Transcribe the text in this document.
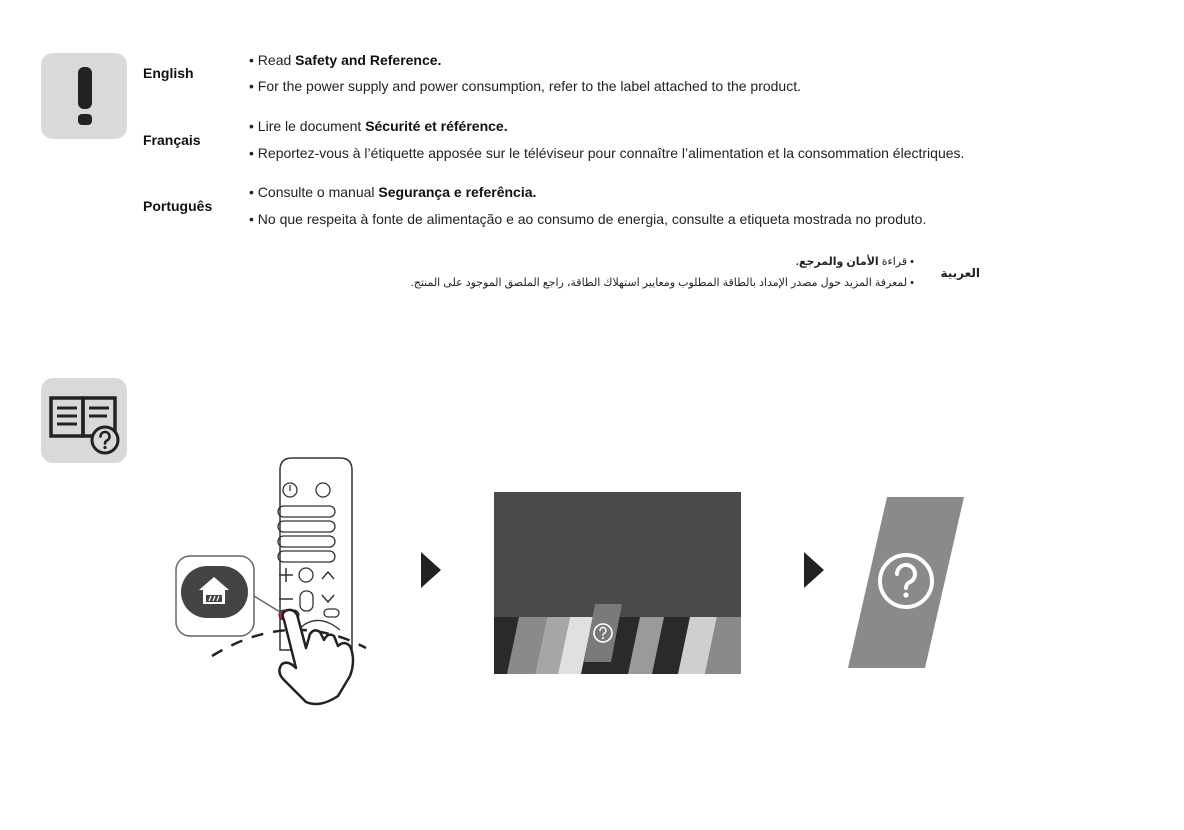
English
• Read Safety and Reference.
• For the power supply and power consumption, refer to the label attached to the product.
Français
• Lire le document Sécurité et référence.
• Reportez-vous à l’étiquette apposée sur le téléviseur pour connaître l’alimentation et la consommation électriques.
Português
• Consulte o manual Segurança e referência.
• No que respeita à fonte de alimentação e ao consumo de energia, consulte a etiqueta mostrada no produto.
العربية
• قراءة الأمان والمرجع.
• لمعرفة المزيد حول مصدر الإمداد بالطاقة المطلوب ومعايير استهلاك الطاقة، راجع الملصق الموجود على المنتج.
